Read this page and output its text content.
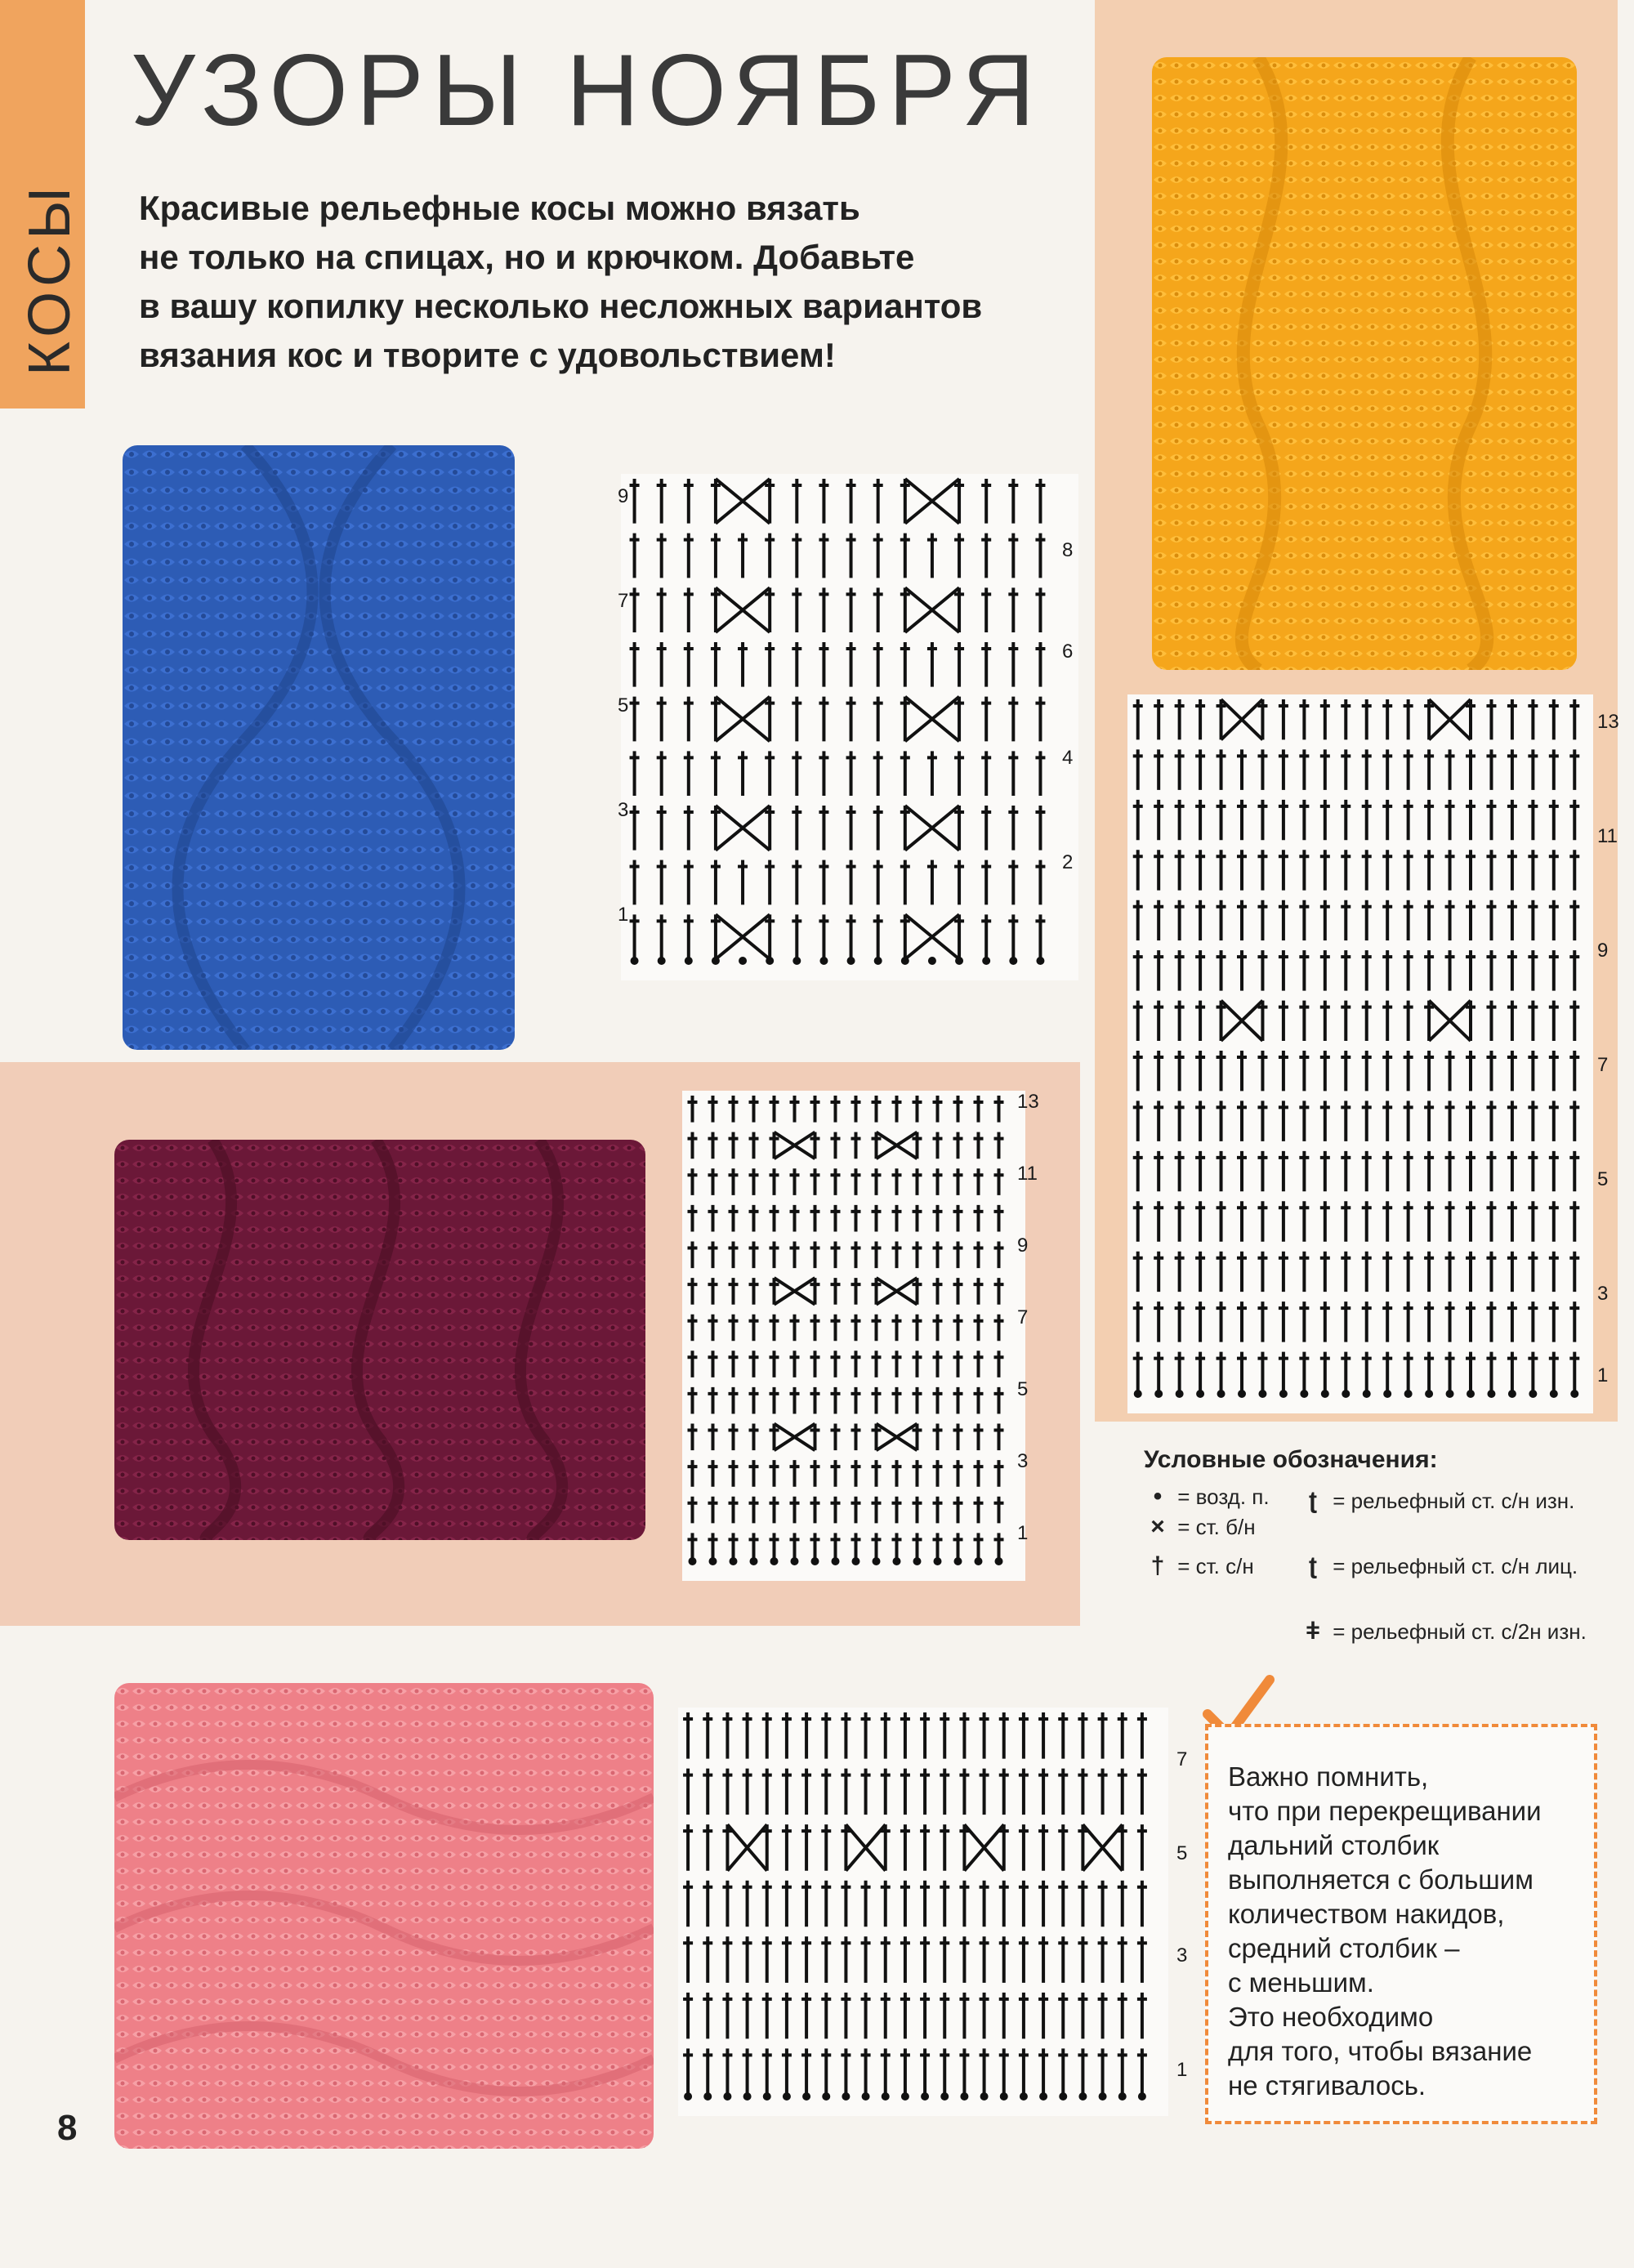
КОСЫ
УЗОРЫ НОЯБРЯ
Красивые рельефные косы можно вязать
не только на спицах, но и крючком. Добавьте
в вашу копилку несколько несложных вариантов
вязания кос и творите с удовольствием!
9
8
7
6
5
4
3
2
1
13
11
9
7
5
3
1
13
11
9
7
5
3
1
7
5
3
1
Условные обозначения:
• = возд. п.
× = ст. б/н
† = ст. с/н
ʈ = рельефный ст. с/н изн.
ʈ = рельефный ст. с/н лиц.
ǂ = рельефный ст. с/2н изн.
Важно помнить,
что при перекрещивании
дальний столбик
выполняется с большим
количеством накидов,
средний столбик –
с меньшим.
Это необходимо
для того, чтобы вязание
не стягивалось.
8
